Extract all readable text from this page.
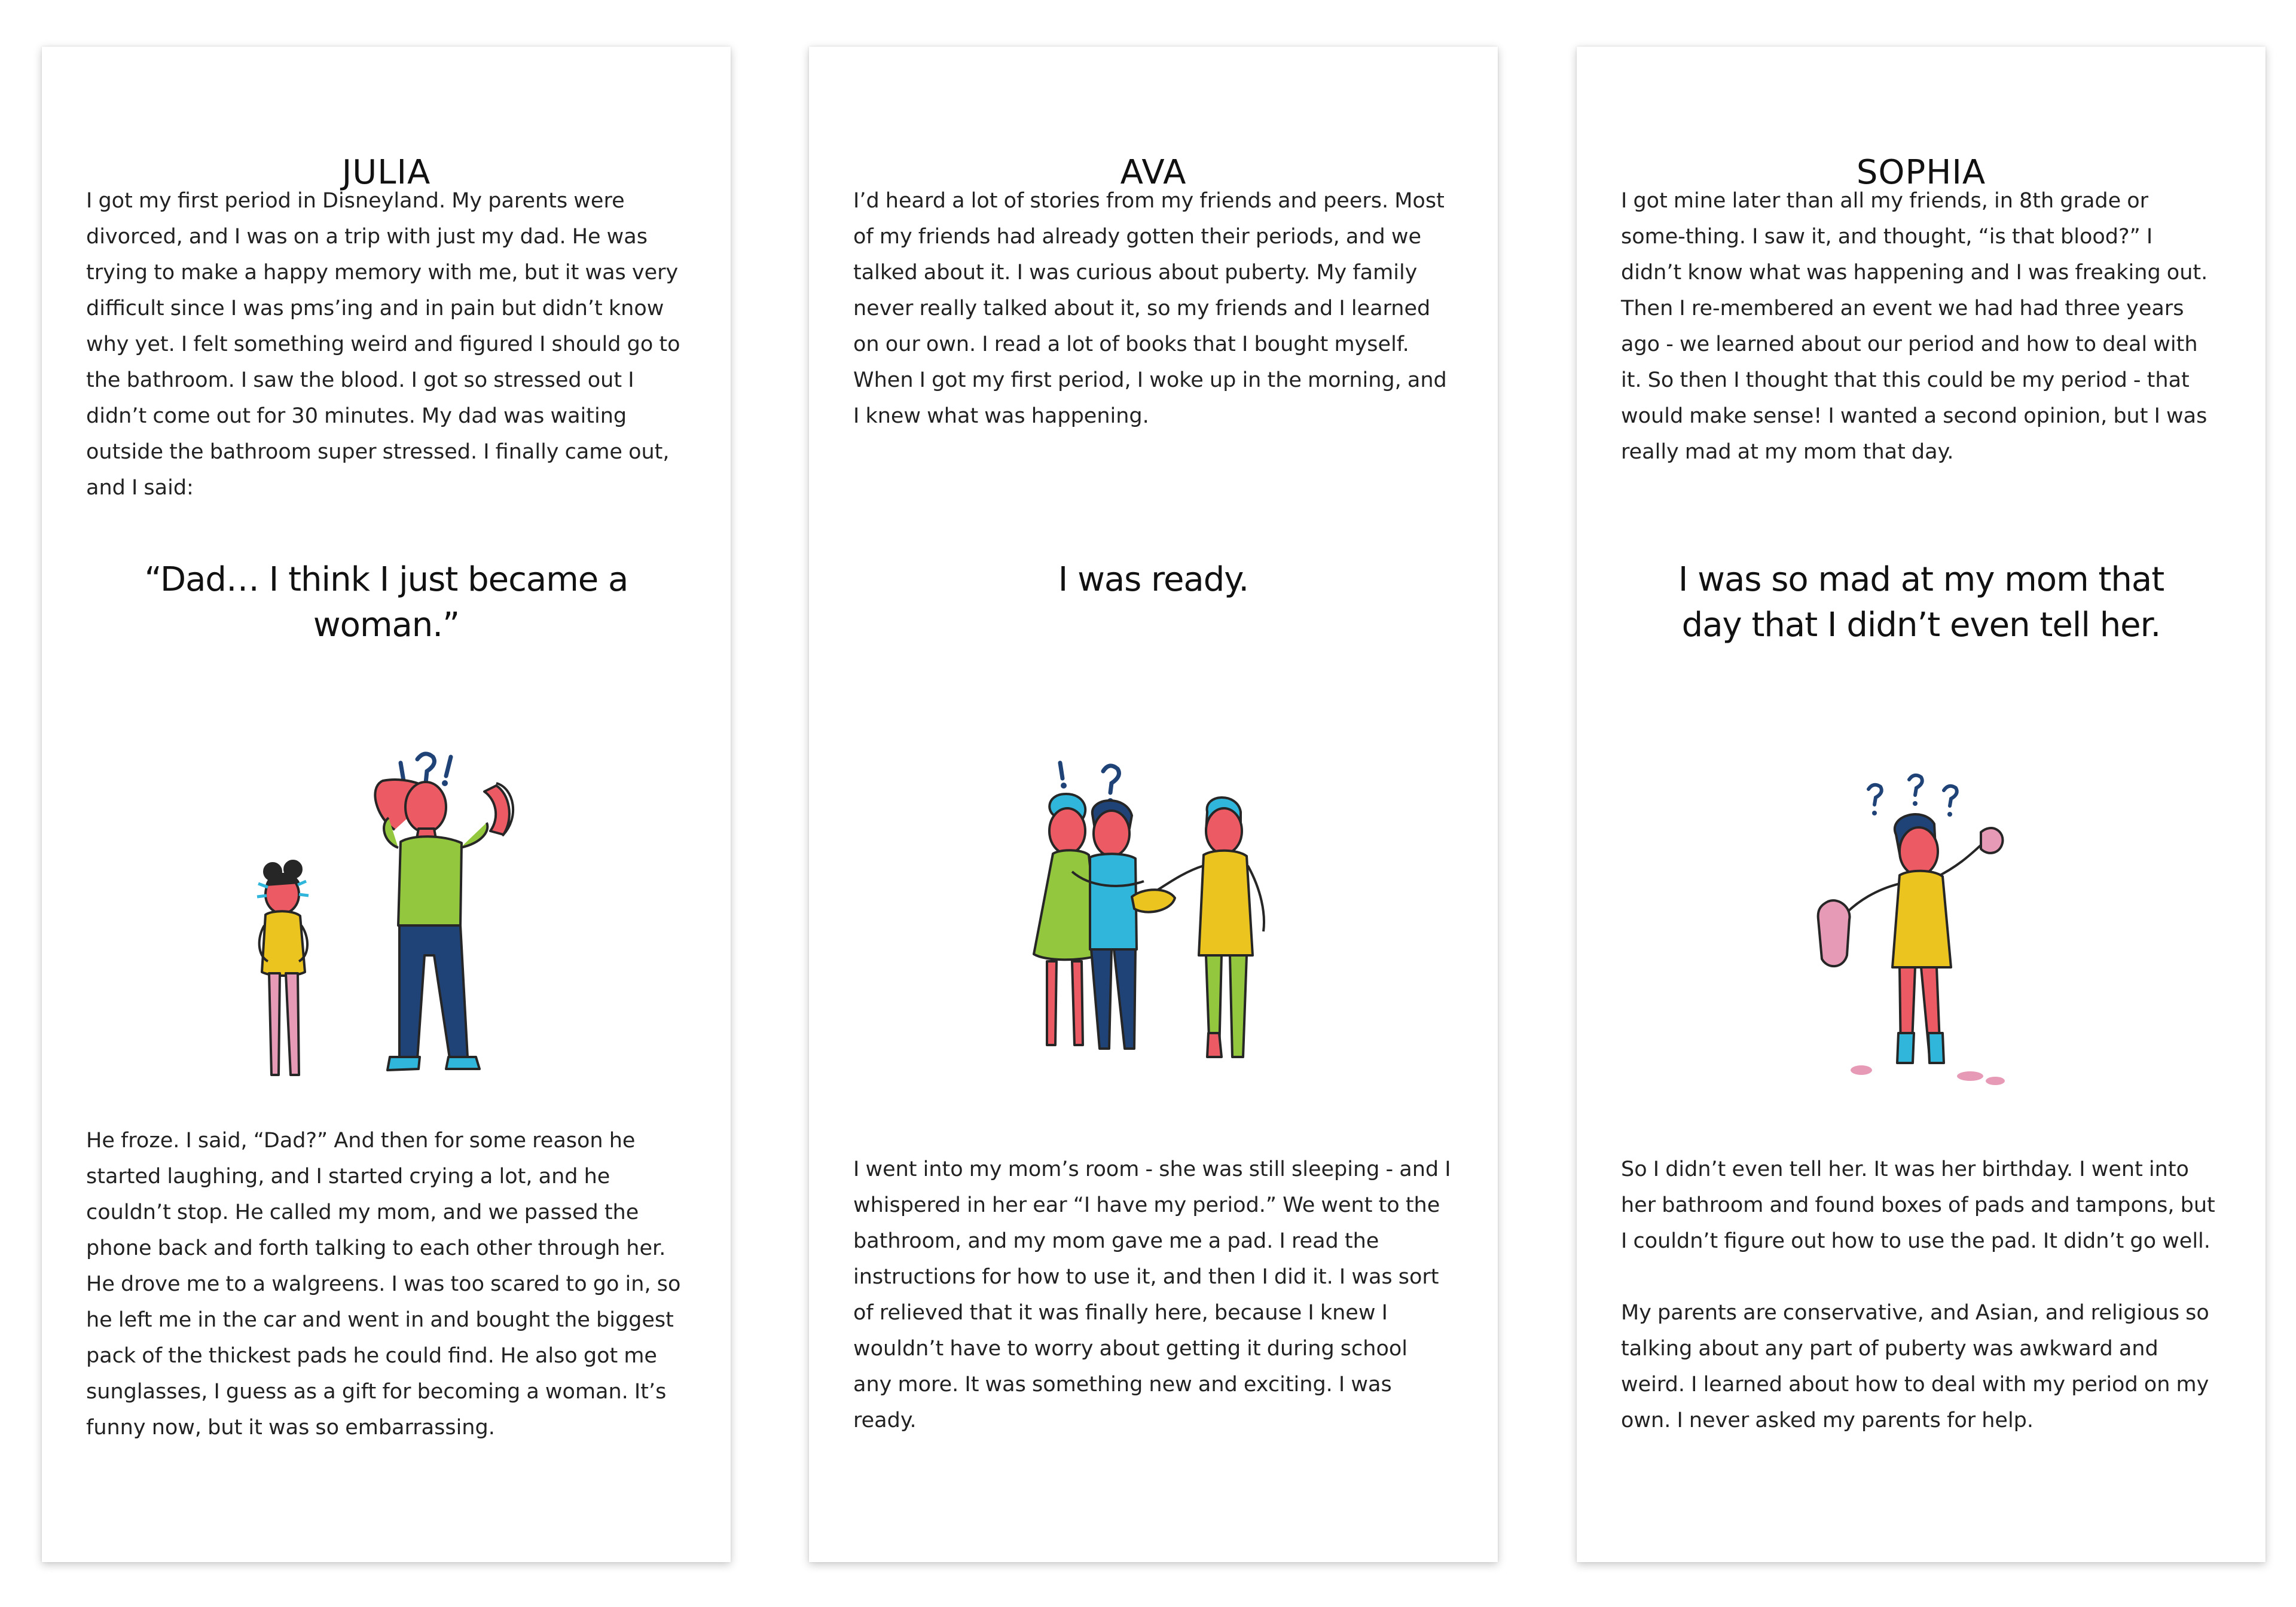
JULIA

I got my first period in Disneyland. My parents were divorced, and I was on a trip with just my dad. He was trying to make a happy memory with me, but it was very difficult since I was pms’ing and in pain but didn’t know why yet. I felt something weird and figured I should go to the bathroom. I saw the blood. I got so stressed out I didn’t come out for 30 minutes. My dad was waiting outside the bathroom super stressed. I finally came out, and I said:

“Dad… I think I just became a woman.”

He froze. I said, “Dad?” And then for some reason he started laughing, and I started crying a lot, and he couldn’t stop. He called my mom, and we passed the phone back and forth talking to each other through her. He drove me to a walgreens. I was too scared to go in, so he left me in the car and went in and bought the biggest pack of the thickest pads he could find. He also got me sunglasses, I guess as a gift for becoming a woman. It’s funny now, but it was so embarrassing.

AVA

I’d heard a lot of stories from my friends and peers. Most of my friends had already gotten their periods, and we talked about it. I was curious about puberty. My family never really talked about it, so my friends and I learned on our own. I read a lot of books that I bought myself. When I got my first period, I woke up in the morning, and I knew what was happening.

I was ready.

I went into my mom’s room - she was still sleeping - and I whispered in her ear “I have my period.” We went to the bathroom, and my mom gave me a pad. I read the instructions for how to use it, and then I did it. I was sort of relieved that it was finally here, because I knew I wouldn’t have to worry about getting it during school any more. It was something new and exciting. I was ready.

SOPHIA

I got mine later than all my friends, in 8th grade or some-thing. I saw it, and thought, “is that blood?” I didn’t know what was happening and I was freaking out. Then I re-membered an event we had had three years ago - we learned about our period and how to deal with it. So then I thought that this could be my period - that would make sense! I wanted a second opinion, but I was really mad at my mom that day.

I was so mad at my mom that day that I didn’t even tell her.

So I didn’t even tell her. It was her birthday. I went into her bathroom and found boxes of pads and tampons, but I couldn’t figure out how to use the pad. It didn’t go well.

My parents are conservative, and Asian, and religious so talking about any part of puberty was awkward and weird. I learned about how to deal with my period on my own. I never asked my parents for help.
